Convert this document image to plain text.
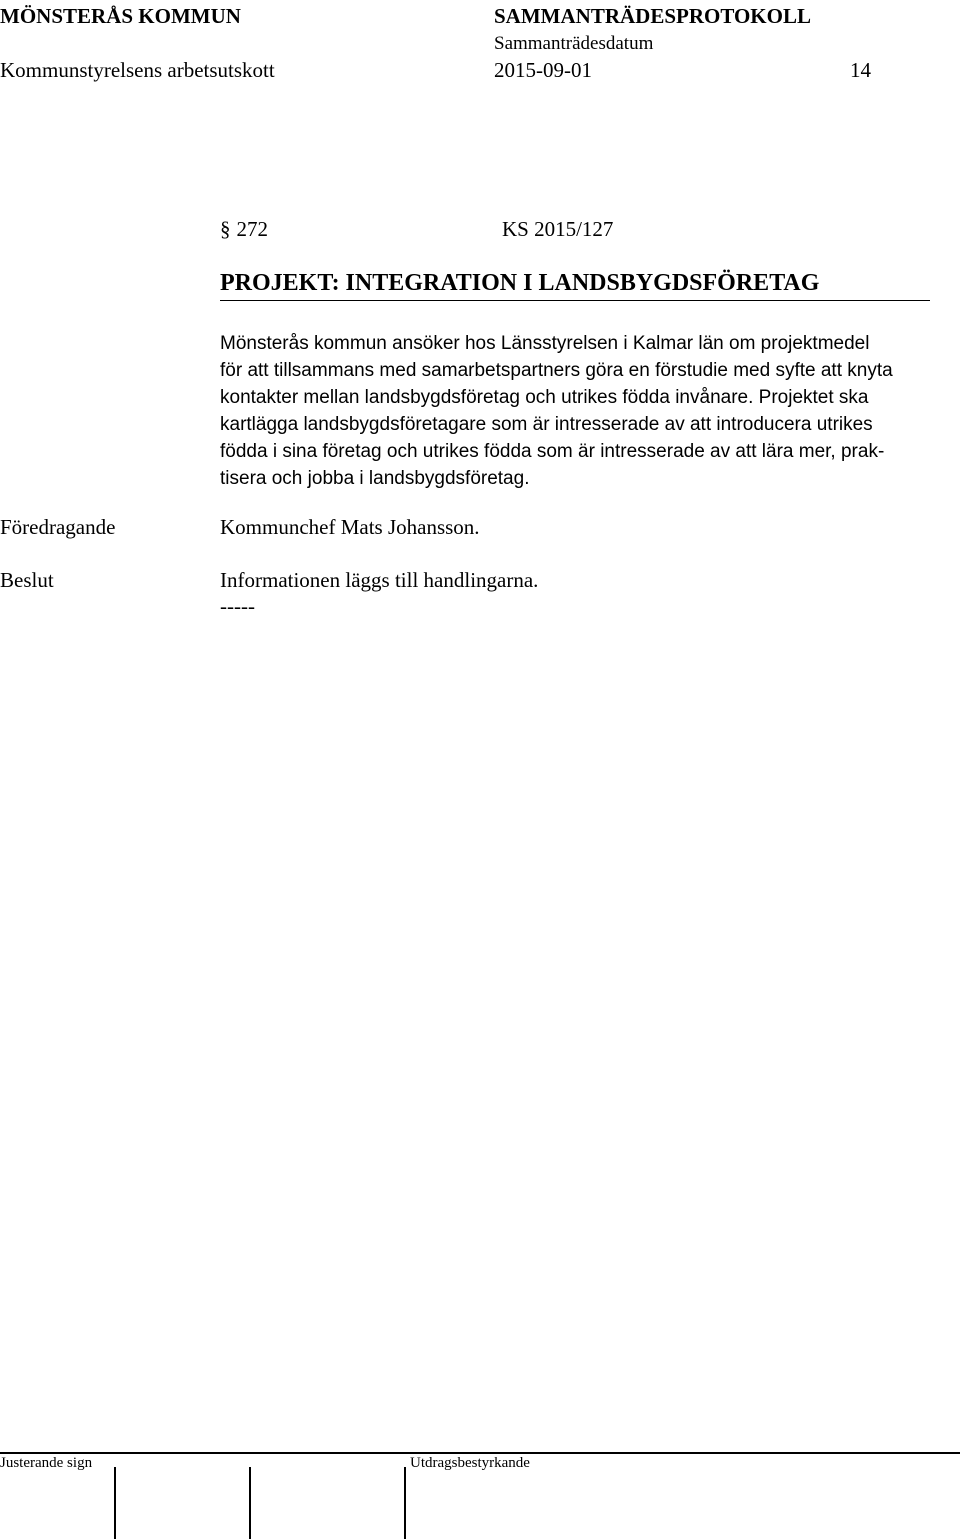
MÖNSTERÅS KOMMUN	SAMMANTRÄDESPROTOKOLL
Sammanträdesdatum
Kommunstyrelsens arbetsutskott	2015-09-01	14
§ 272	KS 2015/127
PROJEKT: INTEGRATION I LANDSBYGDSFÖRETAG
Mönsterås kommun ansöker hos Länsstyrelsen i Kalmar län om projektmedel
för att tillsammans med samarbetspartners göra en förstudie med syfte att knyta
kontakter mellan landsbygdsföretag och utrikes födda invånare. Projektet ska
kartlägga landsbygdsföretagare som är intresserade av att introducera utrikes
födda i sina företag och utrikes födda som är intresserade av att lära mer, prak-
tisera och jobba i landsbygdsföretag.
Föredragande	Kommunchef Mats Johansson.
Beslut	Informationen läggs till handlingarna.
-----
Justerande sign	Utdragsbestyrkande
